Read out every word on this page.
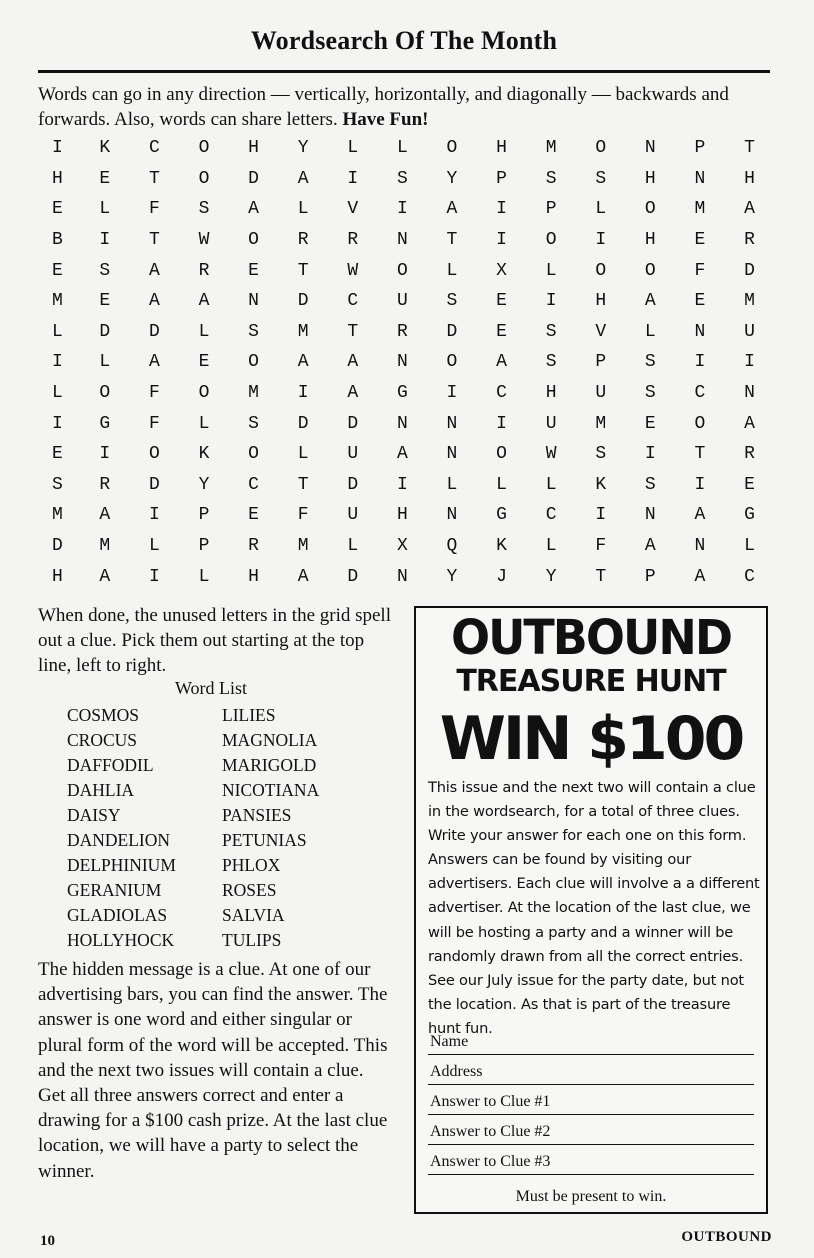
Wordsearch Of The Month
Words can go in any direction — vertically, horizontally, and diagonally — backwards and forwards. Also, words can share letters. Have Fun!
I	K	C	O	H	Y	L	L	O	H	M	O	N	P	T
H	E	T	O	D	A	I	S	Y	P	S	S	H	N	H
E	L	F	S	A	L	V	I	A	I	P	L	O	M	A
B	I	T	W	O	R	R	N	T	I	O	I	H	E	R
E	S	A	R	E	T	W	O	L	X	L	O	O	F	D
M	E	A	A	N	D	C	U	S	E	I	H	A	E	M
L	D	D	L	S	M	T	R	D	E	S	V	L	N	U
I	L	A	E	O	A	A	N	O	A	S	P	S	I	I
L	O	F	O	M	I	A	G	I	C	H	U	S	C	N
I	G	F	L	S	D	D	N	N	I	U	M	E	O	A
E	I	O	K	O	L	U	A	N	O	W	S	I	T	R
S	R	D	Y	C	T	D	I	L	L	L	K	S	I	E
M	A	I	P	E	F	U	H	N	G	C	I	N	A	G
D	M	L	P	R	M	L	X	Q	K	L	F	A	N	L
H	A	I	L	H	A	D	N	Y	J	Y	T	P	A	C
When done, the unused letters in the grid spell out a clue. Pick them out starting at the top line, left to right.
Word List
COSMOS
CROCUS
DAFFODIL
DAHLIA
DAISY
DANDELION
DELPHINIUM
GERANIUM
GLADIOLAS
HOLLYHOCK
LILIES
MAGNOLIA
MARIGOLD
NICOTIANA
PANSIES
PETUNIAS
PHLOX
ROSES
SALVIA
TULIPS
The hidden message is a clue. At one of our advertising bars, you can find the answer. The answer is one word and either singular or plural form of the word will be accepted. This and the next two issues will contain a clue. Get all three answers correct and enter a drawing for a $100 cash prize. At the last clue location, we will have a party to select the winner.
OUTBOUND
TREASURE HUNT
WIN $100
This issue and the next two will contain a clue in the wordsearch, for a total of three clues. Write your answer for each one on this form. Answers can be found by visiting our advertisers. Each clue will involve a a different advertiser. At the location of the last clue, we will be hosting a party and a winner will be randomly drawn from all the correct entries. See our July issue for the party date, but not the location. As that is part of the treasure hunt fun.
Name
Address
Answer to Clue #1
Answer to Clue #2
Answer to Clue #3
Must be present to win.
10	OUTBOUND
